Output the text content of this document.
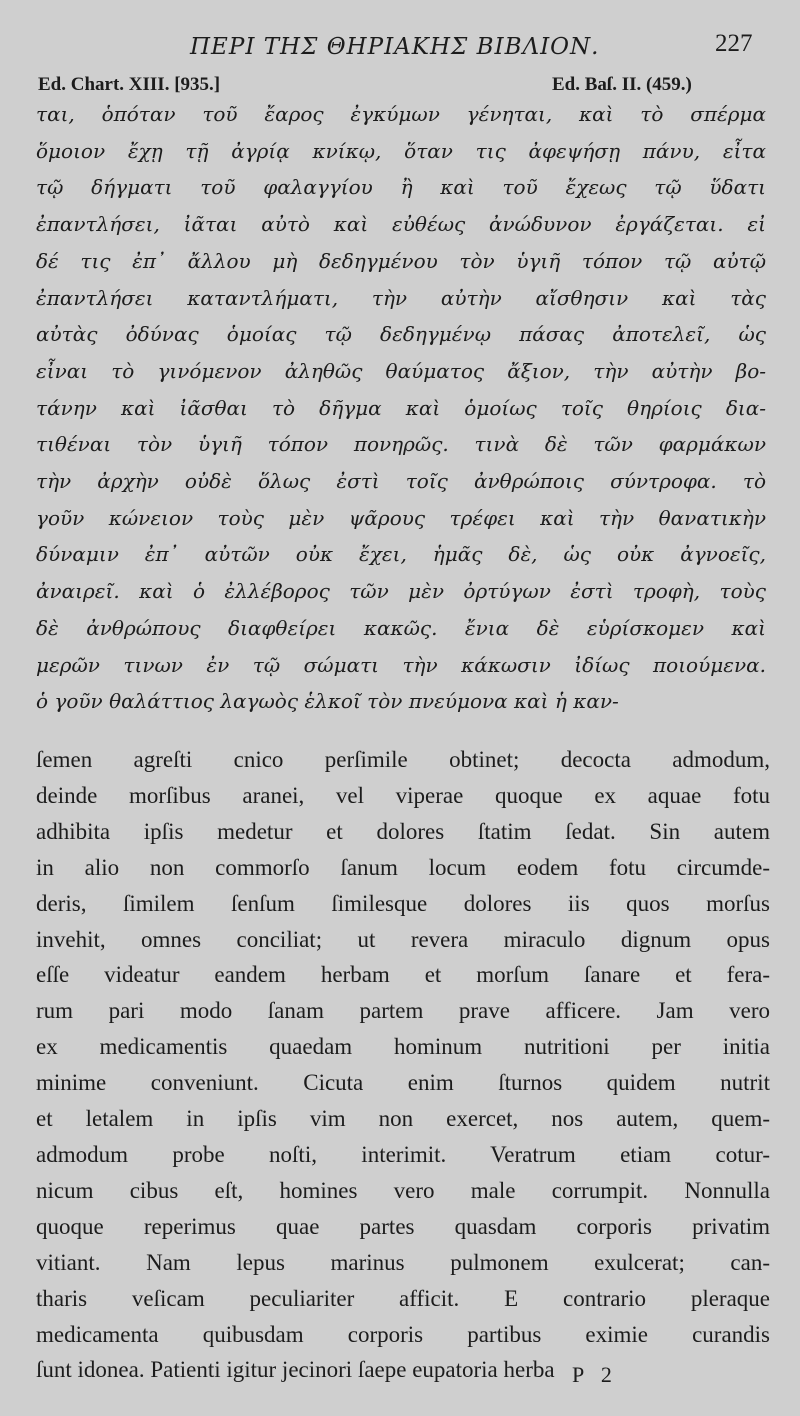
ΠΕΡΙ ΤΗΣ ΘΗΡΙΑΚΗΣ ΒΙΒΛΙΟΝ.	227
Ed. Chart. XIII. [935.]	Ed. Baſ. II. (459.)
ται, ὁπόταν τοῦ ἔαρος ἐγκύμων γένηται, καὶ τὸ σπέρμα
ὅμοιον ἔχῃ τῇ ἀγρίᾳ κνίκῳ, ὅταν τις ἀφεψήσῃ πάνυ, εἶτα
τῷ δήγματι τοῦ φαλαγγίου ἢ καὶ τοῦ ἔχεως τῷ ὕδατι
ἐπαντλήσει, ἰᾶται αὐτὸ καὶ εὐθέως ἀνώδυνον ἐργάζεται. εἰ
δέ τις ἐπ᾽ ἄλλου μὴ δεδηγμένου τὸν ὑγιῆ τόπον τῷ αὐτῷ
ἐπαντλήσει καταντλήματι, τὴν αὐτὴν αἴσθησιν καὶ τὰς
αὐτὰς ὀδύνας ὁμοίας τῷ δεδηγμένῳ πάσας ἀποτελεῖ, ὡς
εἶναι τὸ γινόμενον ἀληθῶς θαύματος ἄξιον, τὴν αὐτὴν βο-
τάνην καὶ ἰᾶσθαι τὸ δῆγμα καὶ ὁμοίως τοῖς θηρίοις δια-
τιθέναι τὸν ὑγιῆ τόπον πονηρῶς. τινὰ δὲ τῶν φαρμάκων
τὴν ἀρχὴν οὐδὲ ὅλως ἐστὶ τοῖς ἀνθρώποις σύντροφα. τὸ
γοῦν κώνειον τοὺς μὲν ψᾶρους τρέφει καὶ τὴν θανατικὴν
δύναμιν ἐπ᾽ αὐτῶν οὐκ ἔχει, ἡμᾶς δὲ, ὡς οὐκ ἀγνοεῖς,
ἀναιρεῖ. καὶ ὁ ἐλλέβορος τῶν μὲν ὀρτύγων ἐστὶ τροφὴ, τοὺς
δὲ ἀνθρώπους διαφθείρει κακῶς. ἔνια δὲ εὑρίσκομεν καὶ
μερῶν τινων ἐν τῷ σώματι τὴν κάκωσιν ἰδίως ποιούμενα.
ὁ γοῦν θαλάττιος λαγωὸς ἑλκοῖ τὸν πνεύμονα καὶ ἡ καν-
ſemen agreſti cnico perſimile obtinet; decocta admodum,
deinde morſibus aranei, vel viperae quoque ex aquae fotu
adhibita ipſis medetur et dolores ſtatim ſedat. Sin autem
in alio non commorſo ſanum locum eodem fotu circumde-
deris, ſimilem ſenſum ſimilesque dolores iis quos morſus
invehit, omnes conciliat; ut revera miraculo dignum opus
eſſe videatur eandem herbam et morſum ſanare et fera-
rum pari modo ſanam partem prave afficere. Jam vero
ex medicamentis quaedam hominum nutritioni per initia
minime conveniunt. Cicuta enim ſturnos quidem nutrit
et letalem in ipſis vim non exercet, nos autem, quem-
admodum probe noſti, interimit. Veratrum etiam cotur-
nicum cibus eſt, homines vero male corrumpit. Nonnulla
quoque reperimus quae partes quasdam corporis privatim
vitiant. Nam lepus marinus pulmonem exulcerat; can-
tharis veſicam peculiariter afficit. E contrario pleraque
medicamenta quibusdam corporis partibus eximie curandis
ſunt idonea. Patienti igitur jecinori ſaepe eupatoria herba P 2
